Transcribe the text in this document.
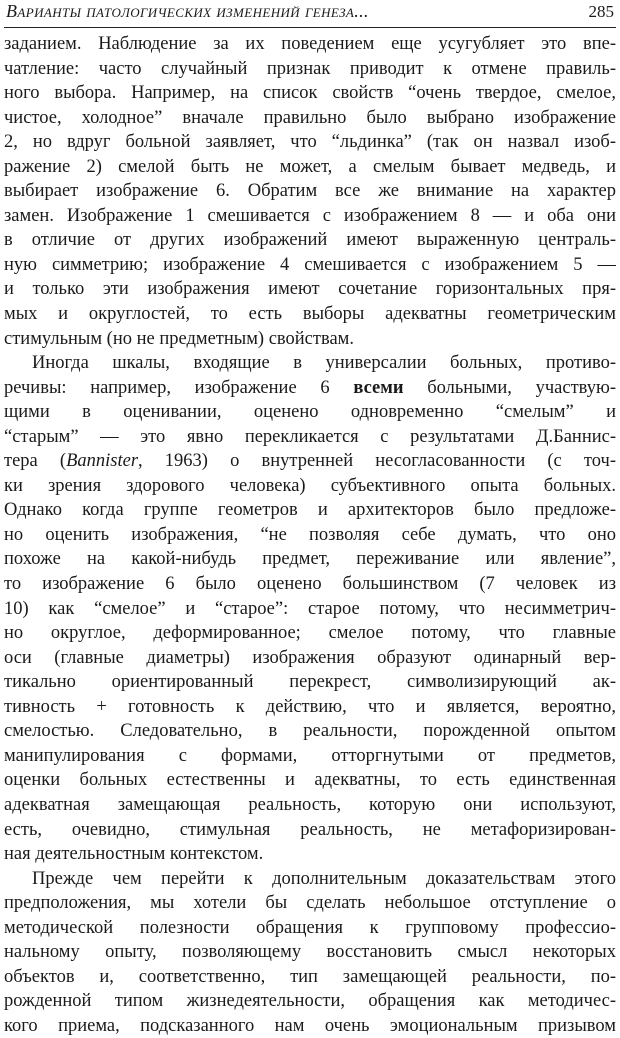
Варианты патологических изменений генеза...	285
заданием. Наблюдение за их поведением еще усугубляет это впе-
чатление: часто случайный признак приводит к отмене правиль-
ного выбора. Например, на список свойств “очень твердое, смелое,
чистое, холодное” вначале правильно было выбрано изображение
2, но вдруг больной заявляет, что “льдинка” (так он назвал изоб-
ражение 2) смелой быть не может, а смелым бывает медведь, и
выбирает изображение 6. Обратим все же внимание на характер
замен. Изображение 1 смешивается с изображением 8 — и оба они
в отличие от других изображений имеют выраженную централь-
ную симметрию; изображение 4 смешивается с изображением 5 —
и только эти изображения имеют сочетание горизонтальных пря-
мых и округлостей, то есть выборы адекватны геометрическим
стимульным (но не предметным) свойствам.
Иногда шкалы, входящие в универсалии больных, противо-
речивы: например, изображение 6 всеми больными, участвую-
щими в оценивании, оценено одновременно “смелым” и
“старым” — это явно перекликается с результатами Д.Баннис-
тера (Bannister, 1963) о внутренней несогласованности (с точ-
ки зрения здорового человека) субъективного опыта больных.
Однако когда группе геометров и архитекторов было предложе-
но оценить изображения, “не позволяя себе думать, что оно
похоже на какой-нибудь предмет, переживание или явление”,
то изображение 6 было оценено большинством (7 человек из
10) как “смелое” и “старое”: старое потому, что несимметрич-
но округлое, деформированное; смелое потому, что главные
оси (главные диаметры) изображения образуют одинарный вер-
тикально ориентированный перекрест, символизирующий ак-
тивность + готовность к действию, что и является, вероятно,
смелостью. Следовательно, в реальности, порожденной опытом
манипулирования с формами, отторгнутыми от предметов,
оценки больных естественны и адекватны, то есть единственная
адекватная замещающая реальность, которую они используют,
есть, очевидно, стимульная реальность, не метафоризирован-
ная деятельностным контекстом.
Прежде чем перейти к дополнительным доказательствам этого
предположения, мы хотели бы сделать небольшое отступление о
методической полезности обращения к групповому профессио-
нальному опыту, позволяющему восстановить смысл некоторых
объектов и, соответственно, тип замещающей реальности, по-
рожденной типом жизнедеятельности, обращения как методичес-
кого приема, подсказанного нам очень эмоциональным призывом
